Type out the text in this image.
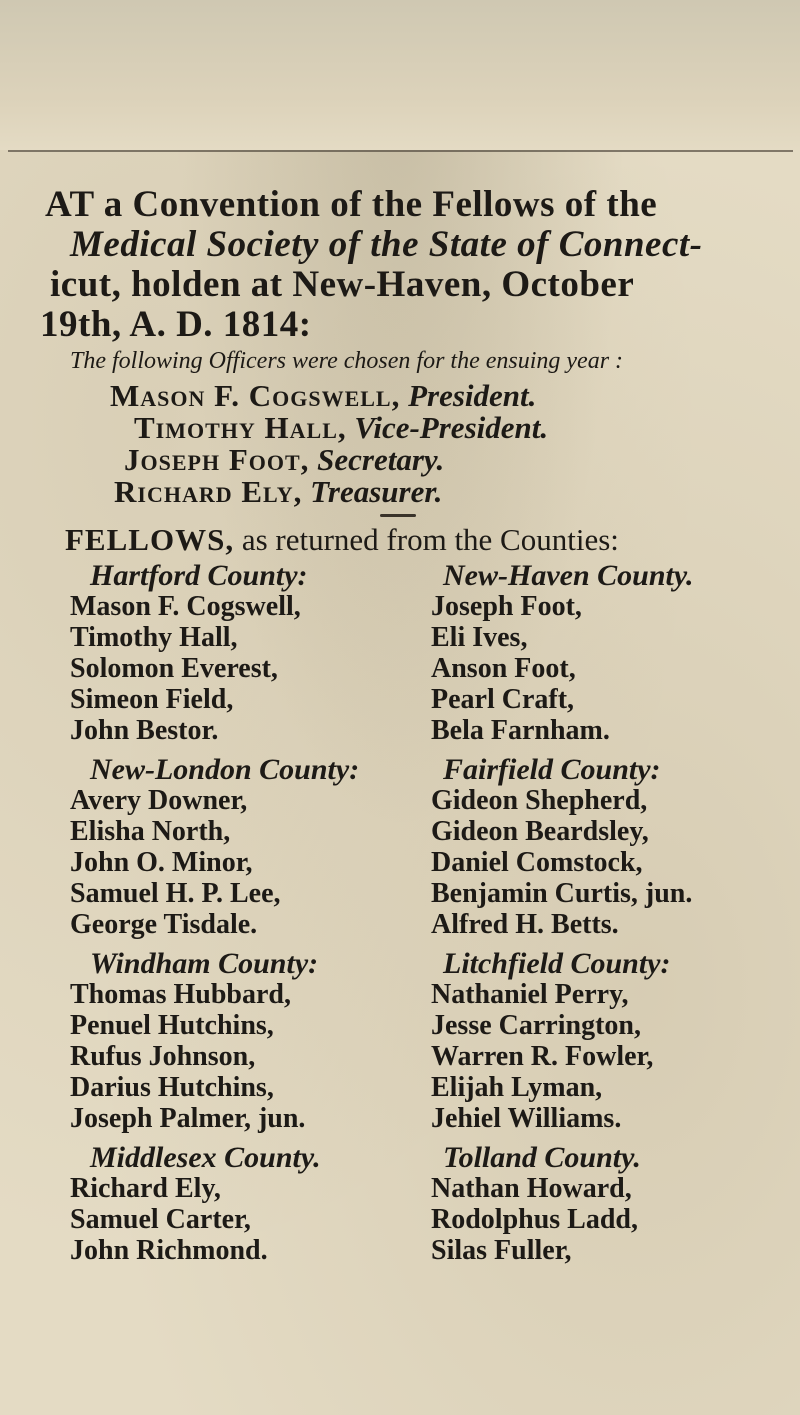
AT a Convention of the Fellows of the
Medical Society of the State of Connect-
icut, holden at New-Haven, October
19th, A. D. 1814:
The following Officers were chosen for the ensuing year :
Mason F. Cogswell, President.
Timothy Hall, Vice-President.
Joseph Foot, Secretary.
Richard Ely, Treasurer.
FELLOWS, as returned from the Counties:
Hartford County:
Mason F. Cogswell,
Timothy Hall,
Solomon Everest,
Simeon Field,
John Bestor.
New-London County:
Avery Downer,
Elisha North,
John O. Minor,
Samuel H. P. Lee,
George Tisdale.
Windham County:
Thomas Hubbard,
Penuel Hutchins,
Rufus Johnson,
Darius Hutchins,
Joseph Palmer, jun.
Middlesex County.
Richard Ely,
Samuel Carter,
John Richmond.
New-Haven County.
Joseph Foot,
Eli Ives,
Anson Foot,
Pearl Craft,
Bela Farnham.
Fairfield County:
Gideon Shepherd,
Gideon Beardsley,
Daniel Comstock,
Benjamin Curtis, jun.
Alfred H. Betts.
Litchfield County:
Nathaniel Perry,
Jesse Carrington,
Warren R. Fowler,
Elijah Lyman,
Jehiel Williams.
Tolland County.
Nathan Howard,
Rodolphus Ladd,
Silas Fuller,
